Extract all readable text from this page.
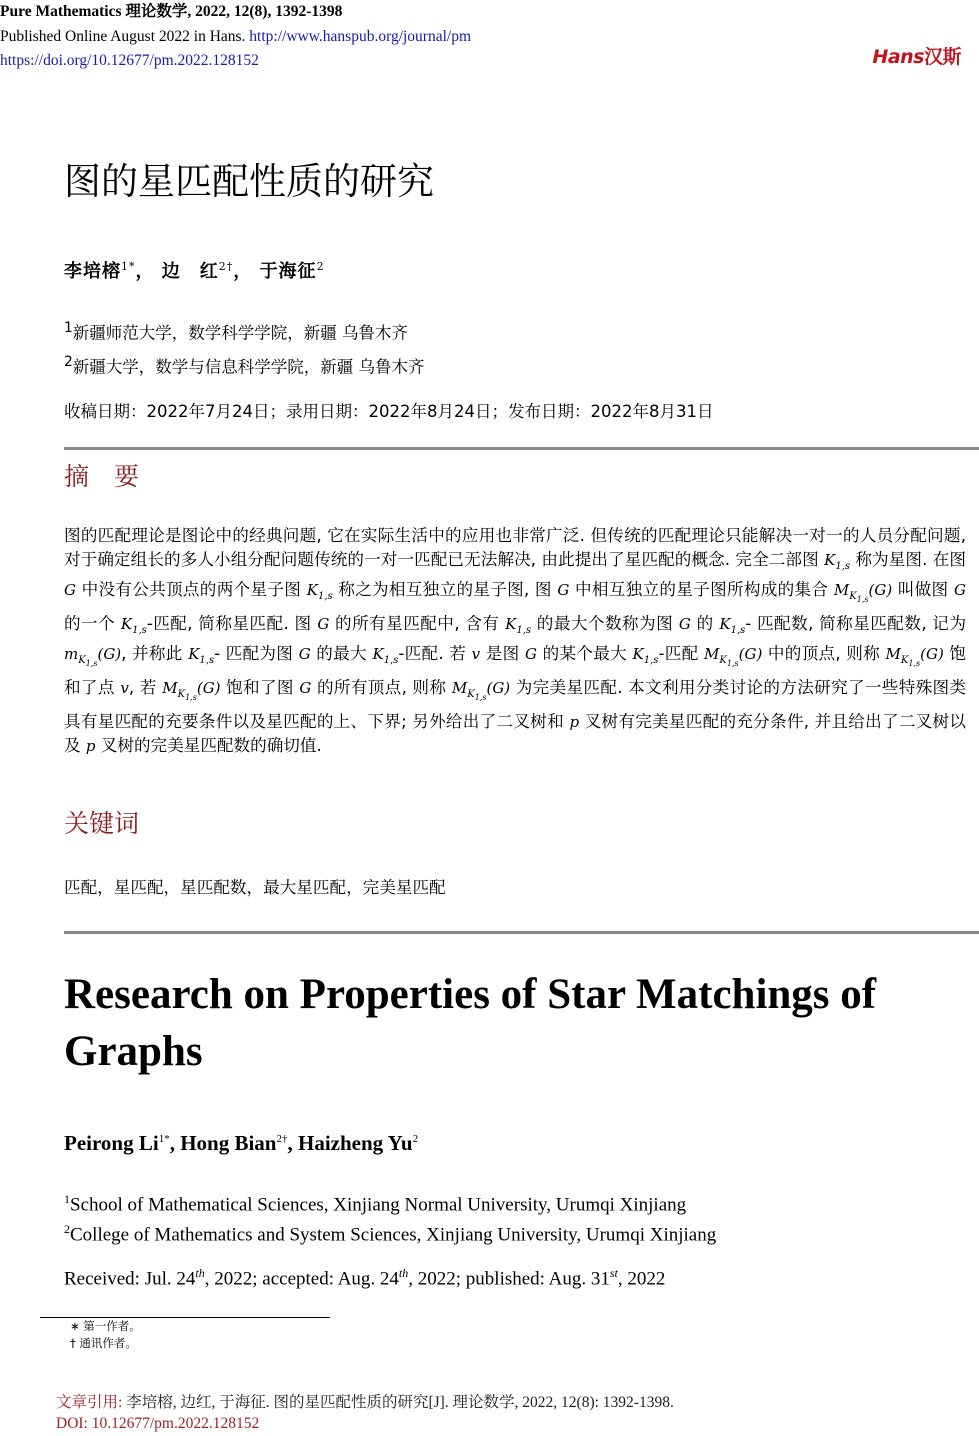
Pure Mathematics 理论数学, 2022, 12(8), 1392-1398
Published Online August 2022 in Hans. http://www.hanspub.org/journal/pm
https://doi.org/10.12677/pm.2022.128152	Hans汉斯
图的星匹配性质的研究
李培榕$^{1*}$， 边　红$^{2\dagger}$， 于海征$^2$
$^1$新疆师范大学，数学科学学院，新疆 乌鲁木齐
$^2$新疆大学，数学与信息科学学院，新疆 乌鲁木齐
收稿日期：2022年7月24日；录用日期：2022年8月24日；发布日期：2022年8月31日
摘　要
图的匹配理论是图论中的经典问题, 它在实际生活中的应用也非常广泛. 但传统的匹配理论只能解决一对一的人员分配问题, 对于确定组长的多人小组分配问题传统的一对一匹配已无法解决, 由此提出了星匹配的概念. 完全二部图 $K_{1,s}$ 称为星图. 在图 G 中没有公共顶点的两个星子图 $K_{1,s}$ 称之为相互独立的星子图, 图 G 中相互独立的星子图所构成的集合 $M_{K_{1,s}}(G)$ 叫做图 G 的一个 $K_{1,s}-$匹配, 简称星匹配. 图 G 的所有星匹配中, 含有 $K_{1,s}$ 的最大个数称为图 G 的 $K_{1,s}-$ 匹配数, 简称星匹配数, 记为 $m_{K_{1,s}}(G)$, 并称此 $K_{1,s}-$ 匹配为图 G 的最大 $K_{1,s}-$匹配. 若 v 是图 G 的某个最大 $K_{1,s}-$匹配 $M_{K_{1,s}}(G)$ 中的顶点, 则称 $M_{K_{1,s}}(G)$ 饱和了点 v, 若 $M_{K_{1,s}}(G)$ 饱和了图 G 的所有顶点, 则称 $M_{K_{1,s}}(G)$ 为完美星匹配. 本文利用分类讨论的方法研究了一些特殊图类具有星匹配的充要条件以及星匹配的上、下界; 另外给出了二叉树和 p 叉树有完美星匹配的充分条件, 并且给出了二叉树以及 p 叉树的完美星匹配数的确切值.
关键词
匹配，星匹配，星匹配数，最大星匹配，完美星匹配
Research on Properties of Star Matchings of Graphs
Peirong $Li^{1*}$, Hong Bian$^{2\dagger}$, Haizheng Yu$^2$
$^1$School of Mathematical Sciences, Xinjiang Normal University, Urumqi Xinjiang
$^2$College of Mathematics and System Sciences, Xinjiang University, Urumqi Xinjiang
Received: Jul. 24th, 2022; accepted: Aug. 24th, 2022; published: Aug. 31st, 2022
∗ 第一作者。
† 通讯作者。
文章引用: 李培榕, 边红, 于海征. 图的星匹配性质的研究[J]. 理论数学, 2022, 12(8): 1392-1398.
DOI: 10.12677/pm.2022.128152
